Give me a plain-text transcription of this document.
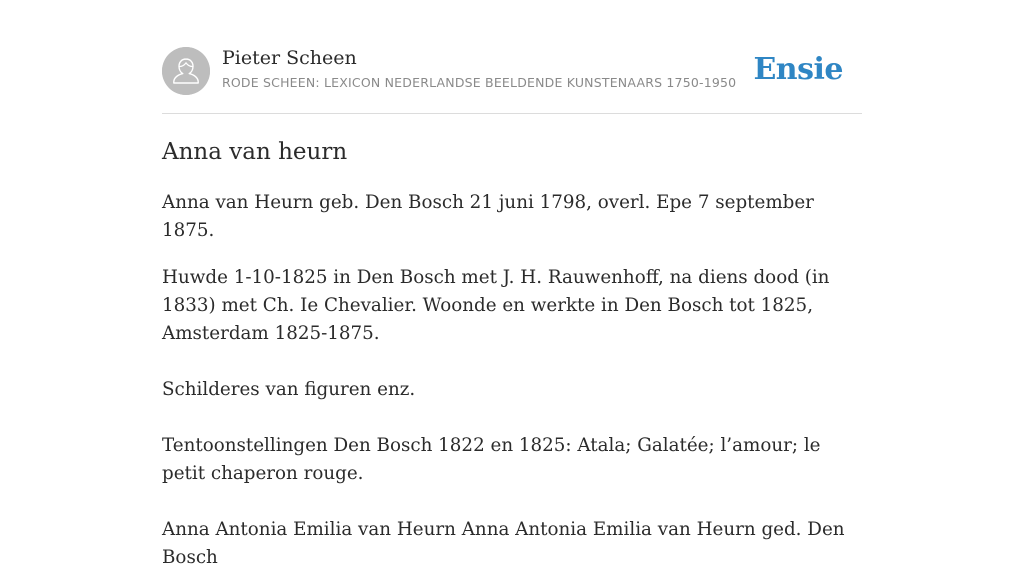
Pieter Scheen
RODE SCHEEN: LEXICON NEDERLANDSE BEELDENDE KUNSTENAARS 1750-1950 Ensie
Anna van heurn

Anna van Heurn geb. Den Bosch 21 juni 1798, overl. Epe 7 september 1875.

Huwde 1-10-1825 in Den Bosch met J. H. Rauwenhoff, na diens dood (in 1833) met Ch. Ie Chevalier. Woonde en werkte in Den Bosch tot 1825, Amsterdam 1825-1875.

Schilderes van figuren enz.

Tentoonstellingen Den Bosch 1822 en 1825: Atala; Galatée; l’amour; le petit chaperon rouge.

Anna Antonia Emilia van Heurn Anna Antonia Emilia van Heurn ged. Den Bosch
